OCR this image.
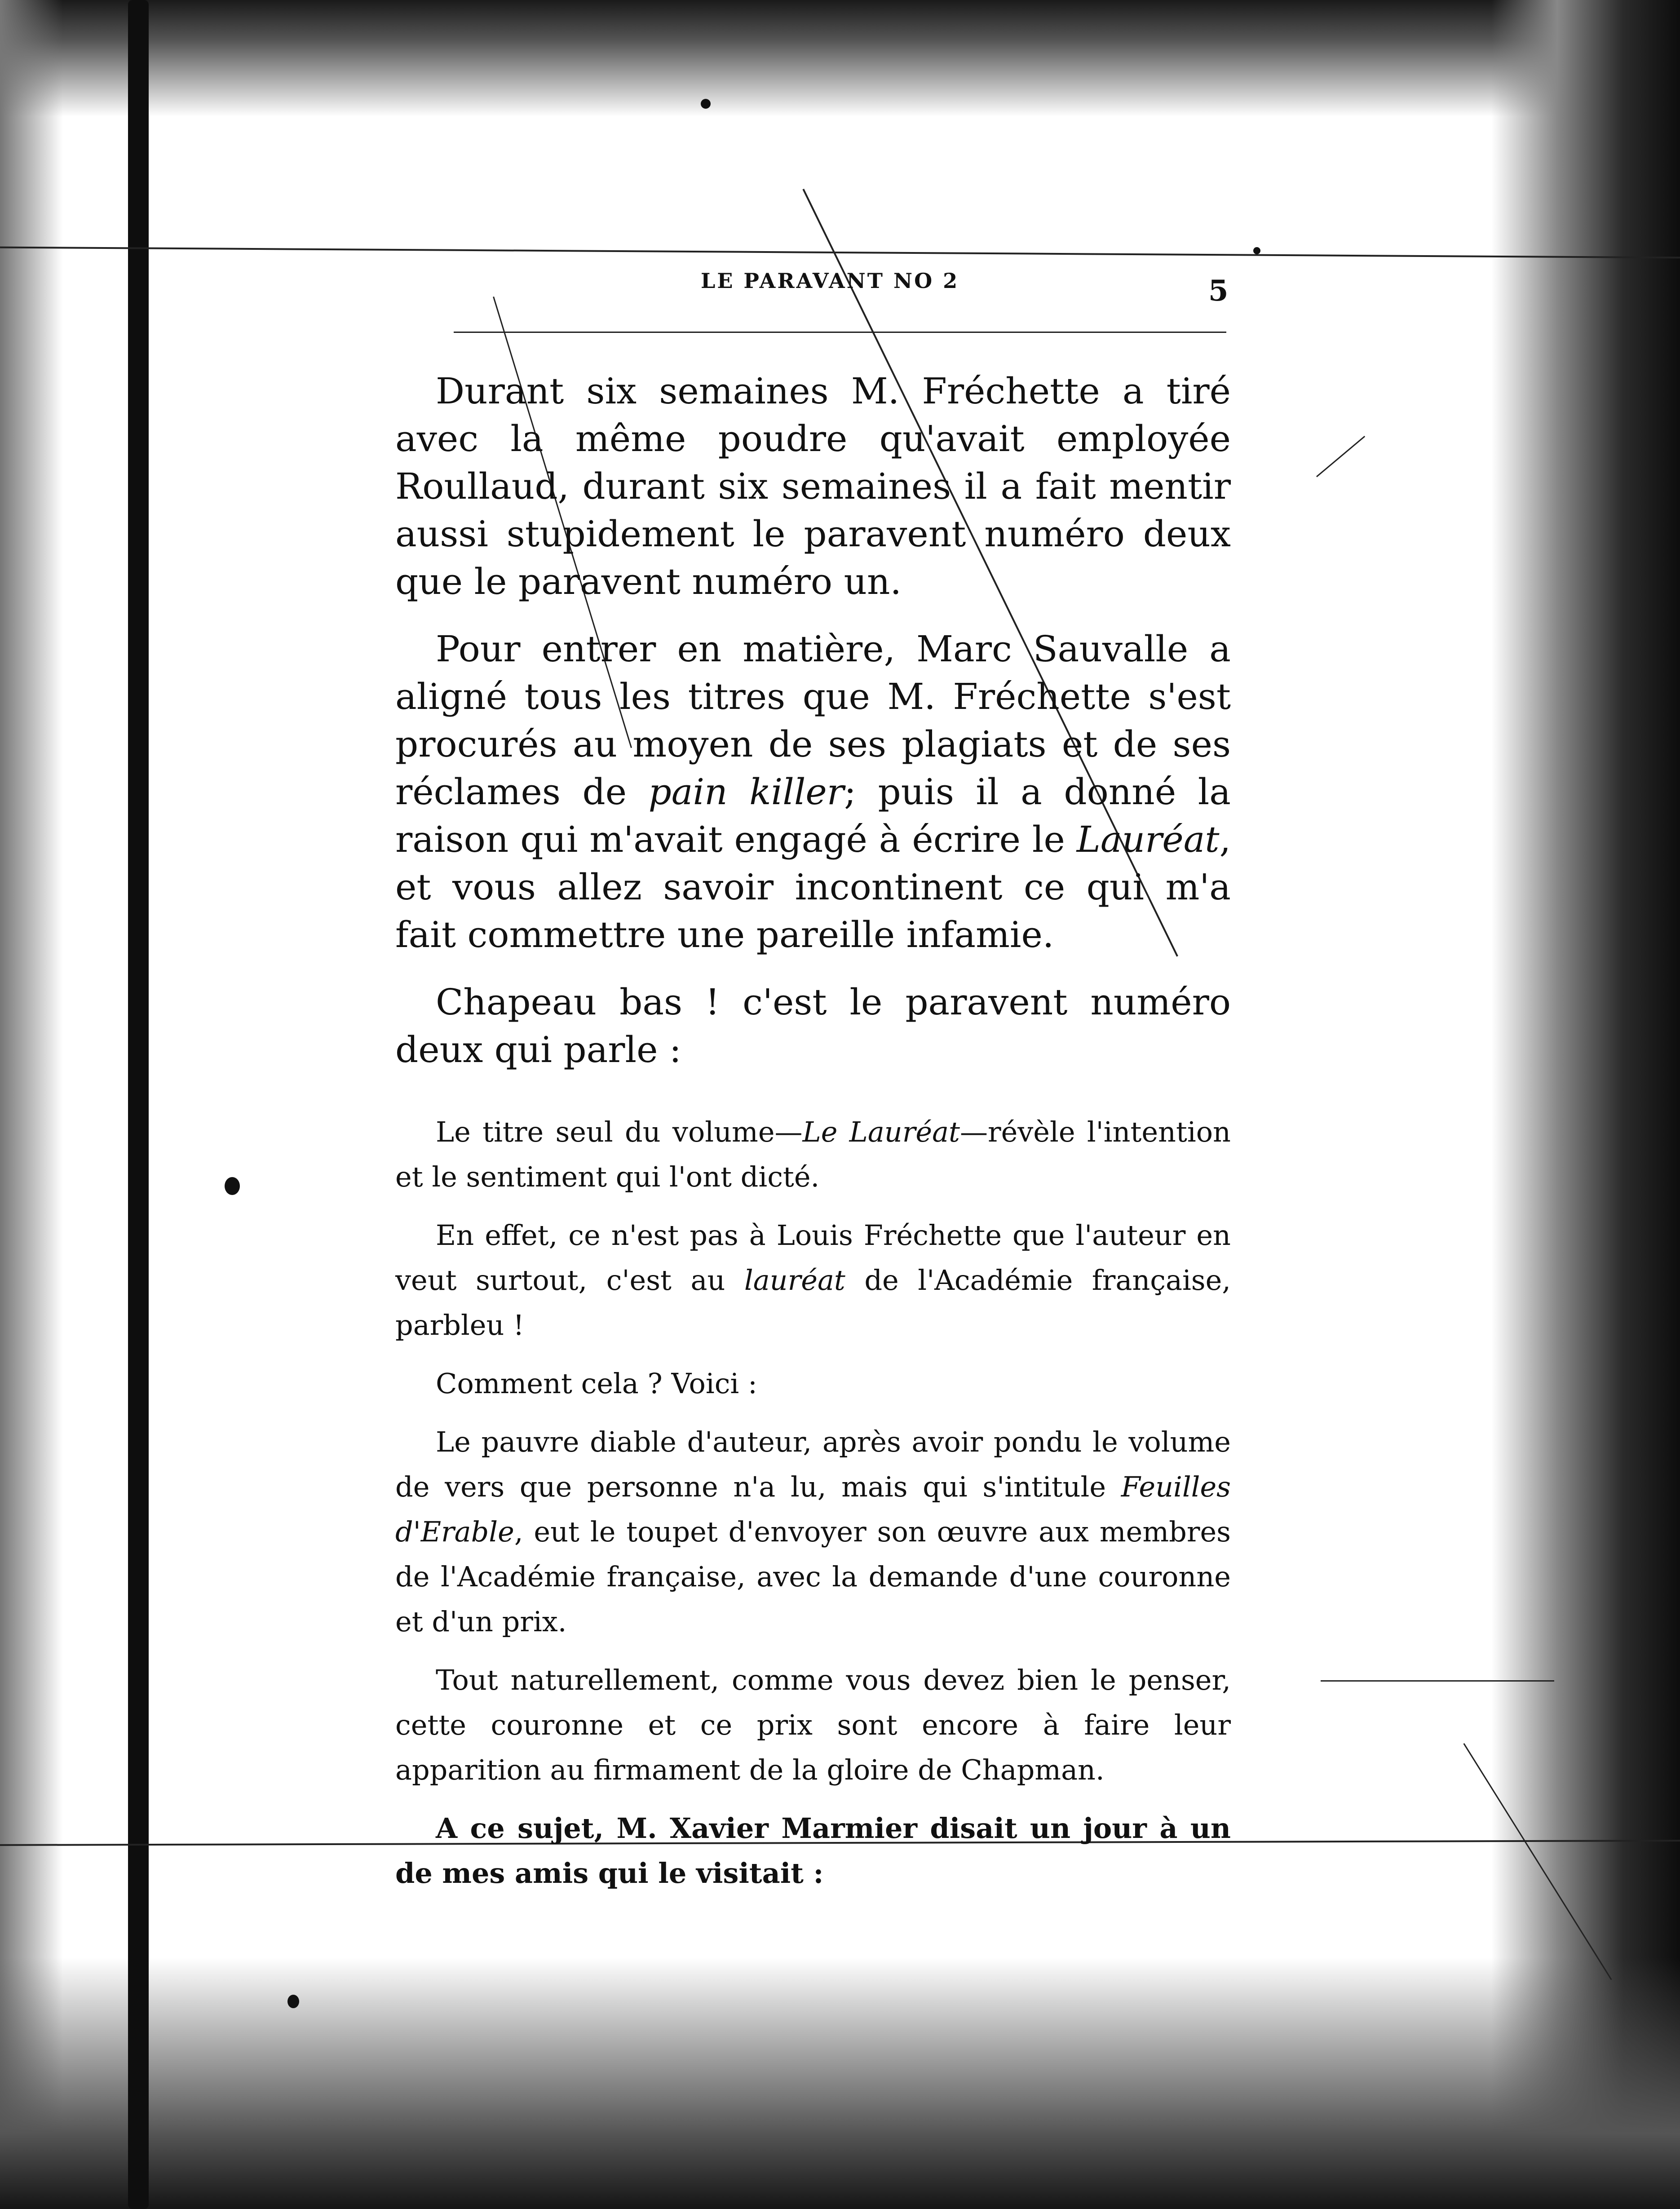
LE PARAVANT NO 2	5

Durant six semaines M. Fréchette a tiré avec la même poudre qu'avait employée Roullaud, durant six semaines il a fait mentir aussi stupidement le paravent numéro deux que le paravent numéro un.

Pour entrer en matière, Marc Sauvalle a aligné tous les titres que M. Fréchette s'est procurés au moyen de ses plagiats et de ses réclames de pain killer; puis il a donné la raison qui m'avait engagé à écrire le Lauréat, et vous allez savoir incontinent ce qui m'a fait commettre une pareille infamie.

Chapeau bas ! c'est le paravent numéro deux qui parle :

Le titre seul du volume—Le Lauréat—révèle l'intention et le sentiment qui l'ont dicté.

En effet, ce n'est pas à Louis Fréchette que l'auteur en veut surtout, c'est au lauréat de l'Académie française, parbleu !

Comment cela ? Voici :

Le pauvre diable d'auteur, après avoir pondu le volume de vers que personne n'a lu, mais qui s'intitule Feuilles d'Erable, eut le toupet d'envoyer son œuvre aux membres de l'Académie française, avec la demande d'une couronne et d'un prix.

Tout naturellement, comme vous devez bien le penser, cette couronne et ce prix sont encore à faire leur apparition au firmament de la gloire de Chapman.

A ce sujet, M. Xavier Marmier disait un jour à un de mes amis qui le visitait :
